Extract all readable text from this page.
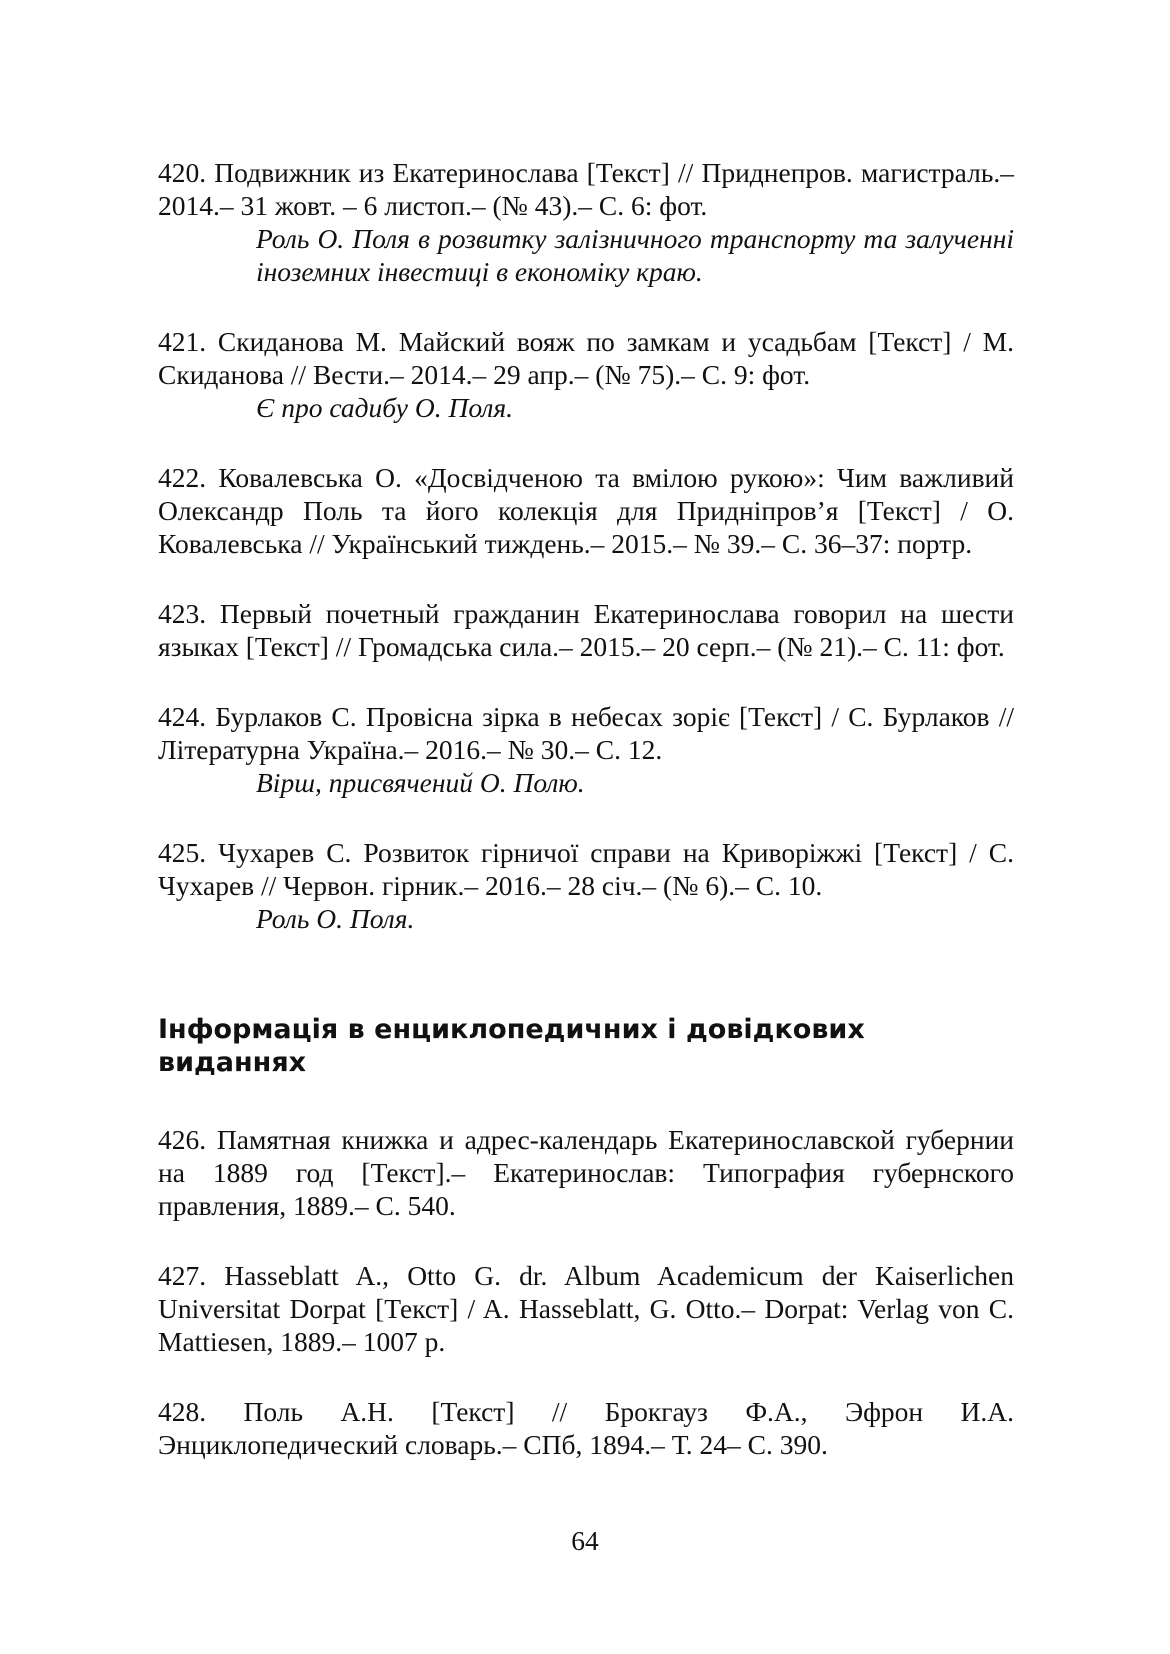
420. Подвижник из Екатеринослава [Текст] // Приднепров. магистраль.– 2014.– 31 жовт. – 6 листоп.– (№ 43).– С. 6: фот.
Роль О. Поля в розвитку залізничного транспорту та залученні іноземних інвестиці в економіку краю.
421. Скиданова М. Майский вояж по замкам и усадьбам [Текст] / М. Скиданова // Вести.– 2014.– 29 апр.– (№ 75).– С. 9: фот.
Є про садибу О. Поля.
422. Ковалевська О. «Досвідченою та вмілою рукою»: Чим важливий Олександр Поль та його колекція для Придніпров’я [Текст] / О. Ковалевська // Український тиждень.– 2015.– № 39.– С. 36–37: портр.
423. Первый почетный гражданин Екатеринослава говорил на шести языках [Текст] // Громадська сила.– 2015.– 20 серп.– (№ 21).– С. 11: фот.
424. Бурлаков С. Провісна зірка в небесах зоріє [Текст] / С. Бурлаков // Літературна Україна.– 2016.– № 30.– С. 12.
Вірш, присвячений О. Полю.
425. Чухарев С. Розвиток гірничої справи на Криворіжжі [Текст] / С. Чухарев // Червон. гірник.– 2016.– 28 січ.– (№ 6).– С. 10.
Роль О. Поля.
Інформація в енциклопедичних і довідкових виданнях
426. Памятная книжка и адрес-календарь Екатеринославской губернии на 1889 год [Текст].– Екатеринослав: Типография губернского правления, 1889.– С. 540.
427. Hasseblatt A., Otto G. dr. Album Academicum der Kaiserlichen Universitat Dorpat [Текст] / A. Hasseblatt, G. Otto.– Dorpat: Verlag von C. Mattiesen, 1889.– 1007 p.
428. Поль А.Н. [Текст] // Брокгауз Ф.А., Эфрон И.А. Энциклопедический словарь.– СПб, 1894.– Т. 24– С. 390.
64
